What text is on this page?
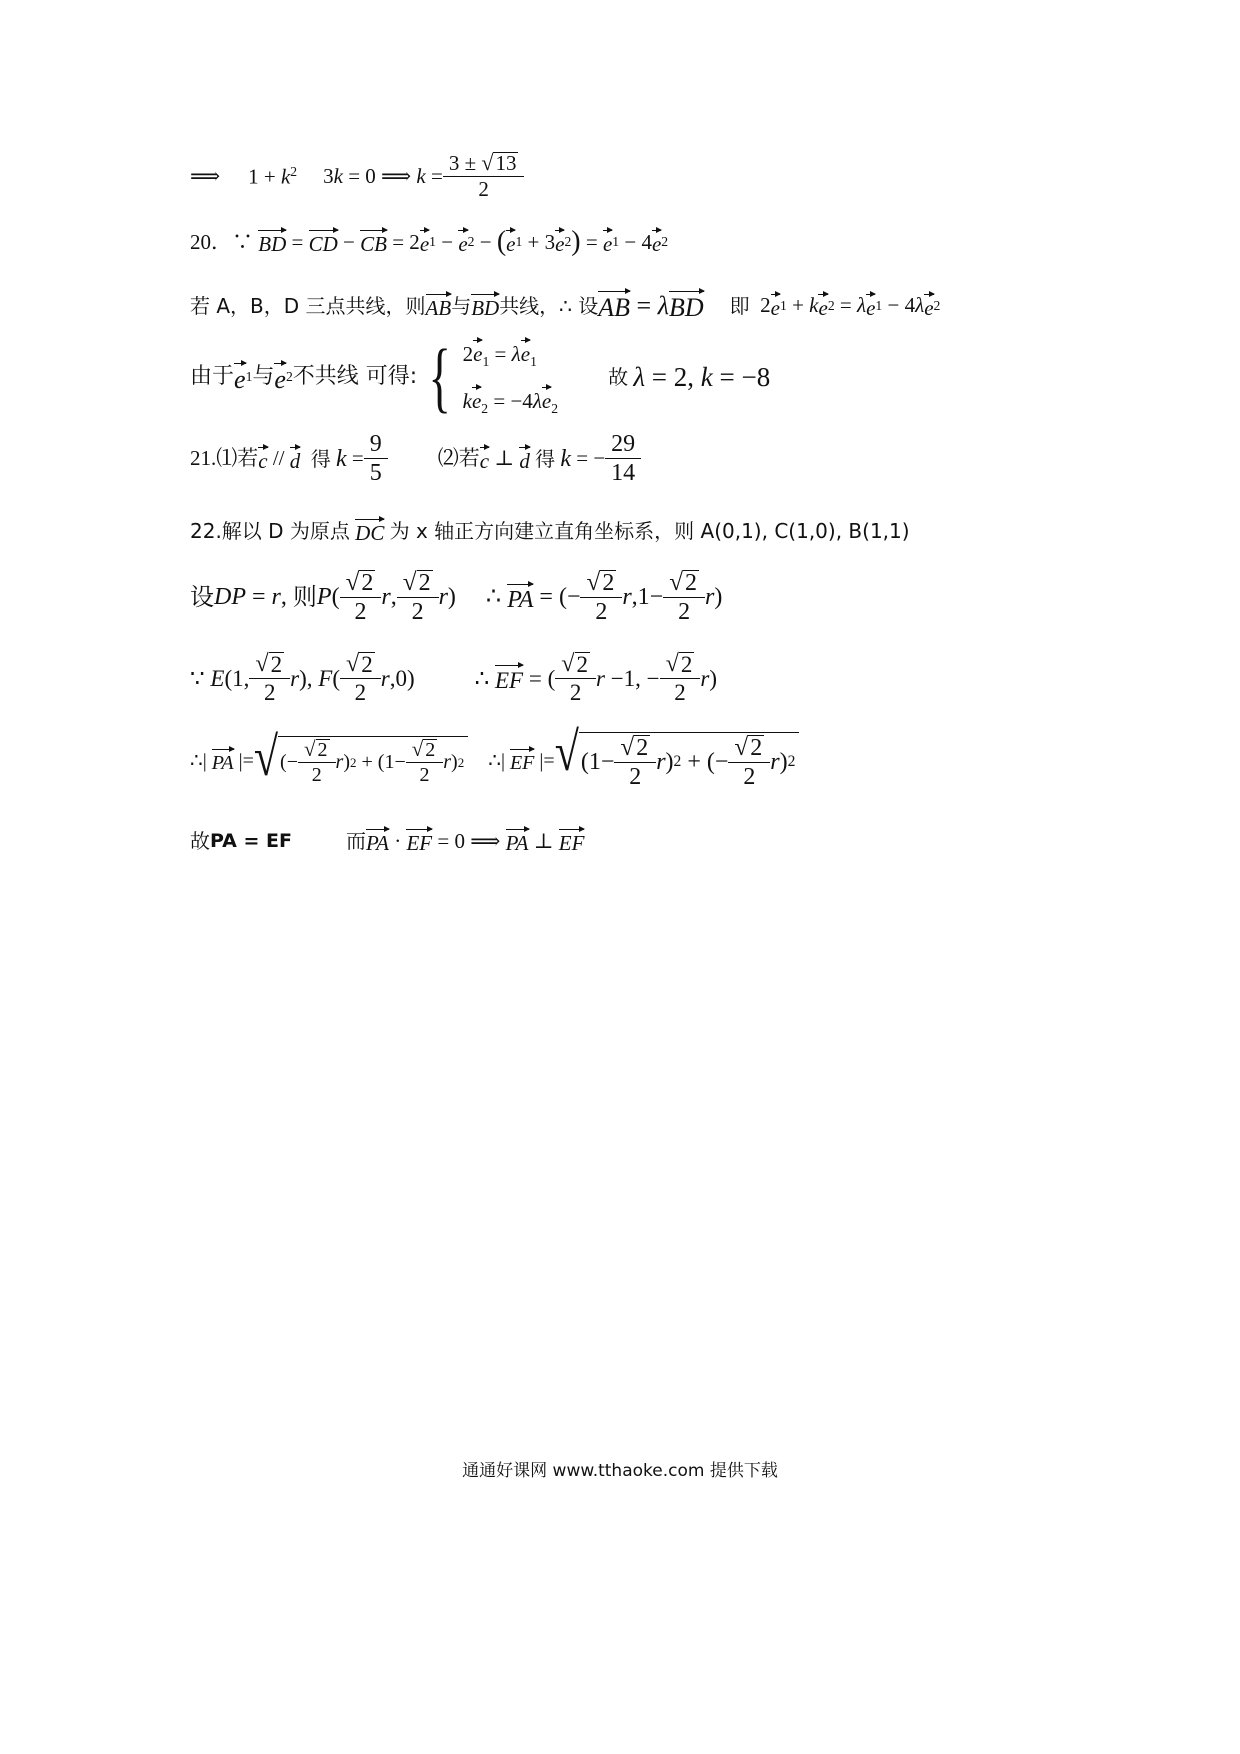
⟹ $1 + k^2$ 3k = 0 ⟹ $k = \frac{3 \pm √ 13}{2}$
20．∵ BD = CD − CB = 2 e 1 − e 2 − ( e 1 + 3 e 2 ) = e 1 − 4 e 2
若 A，B，D 三点共线，则 AB 与 BD 共线，∴ 设 AB = λ BD 即 2 e 1 + k e 2 = λ e 1 − 4 λ e 2
由于 e 1 与 e 2 不共线 可得: { $2e_1 = \lambda e_1$
$ke_2 = -4\lambda e_2$
故
λ = 2, k = −8
21.⑴若 c // d
得
$k = \frac{9}{5}$	⑵若 c ⊥ d
得
k = − $\frac{29}{14}$
22.解以 D 为原点
DC
为 x 轴正方向建立直角坐标系，则 A(0,1), C(1,0), B(1,1)
设 DP = r , 则 P ( $\frac{√ 2}{2}$ r , $\frac{√ 2}{2}$ r )
∴ PA = (− $\frac{√ 2}{2}$ r $,1- \frac{√ 2}{2}$ r )
∵ E (1, $\frac{√ 2}{2}$ r ), F ( $\frac{√ 2}{2}$ r ,0)	∴ EF = ( $\frac{√ 2}{2}$ r −1, − $\frac{√ 2}{2}$ r )
∴| PA |= √ (− $\frac{√ 2}{2}$ r ) $2 + (1- \frac{√ 2}{2}$ r ) 2 ∴| EF |= √ ($1- \frac{√ 2}{2}$ r ) 2 + (− $\frac{√ 2}{2}$ r ) 2
故 PA = EF	而 PA · EF = 0 ⟹ PA ⊥ EF
通通好课网 www.tthaoke.com 提供下载
